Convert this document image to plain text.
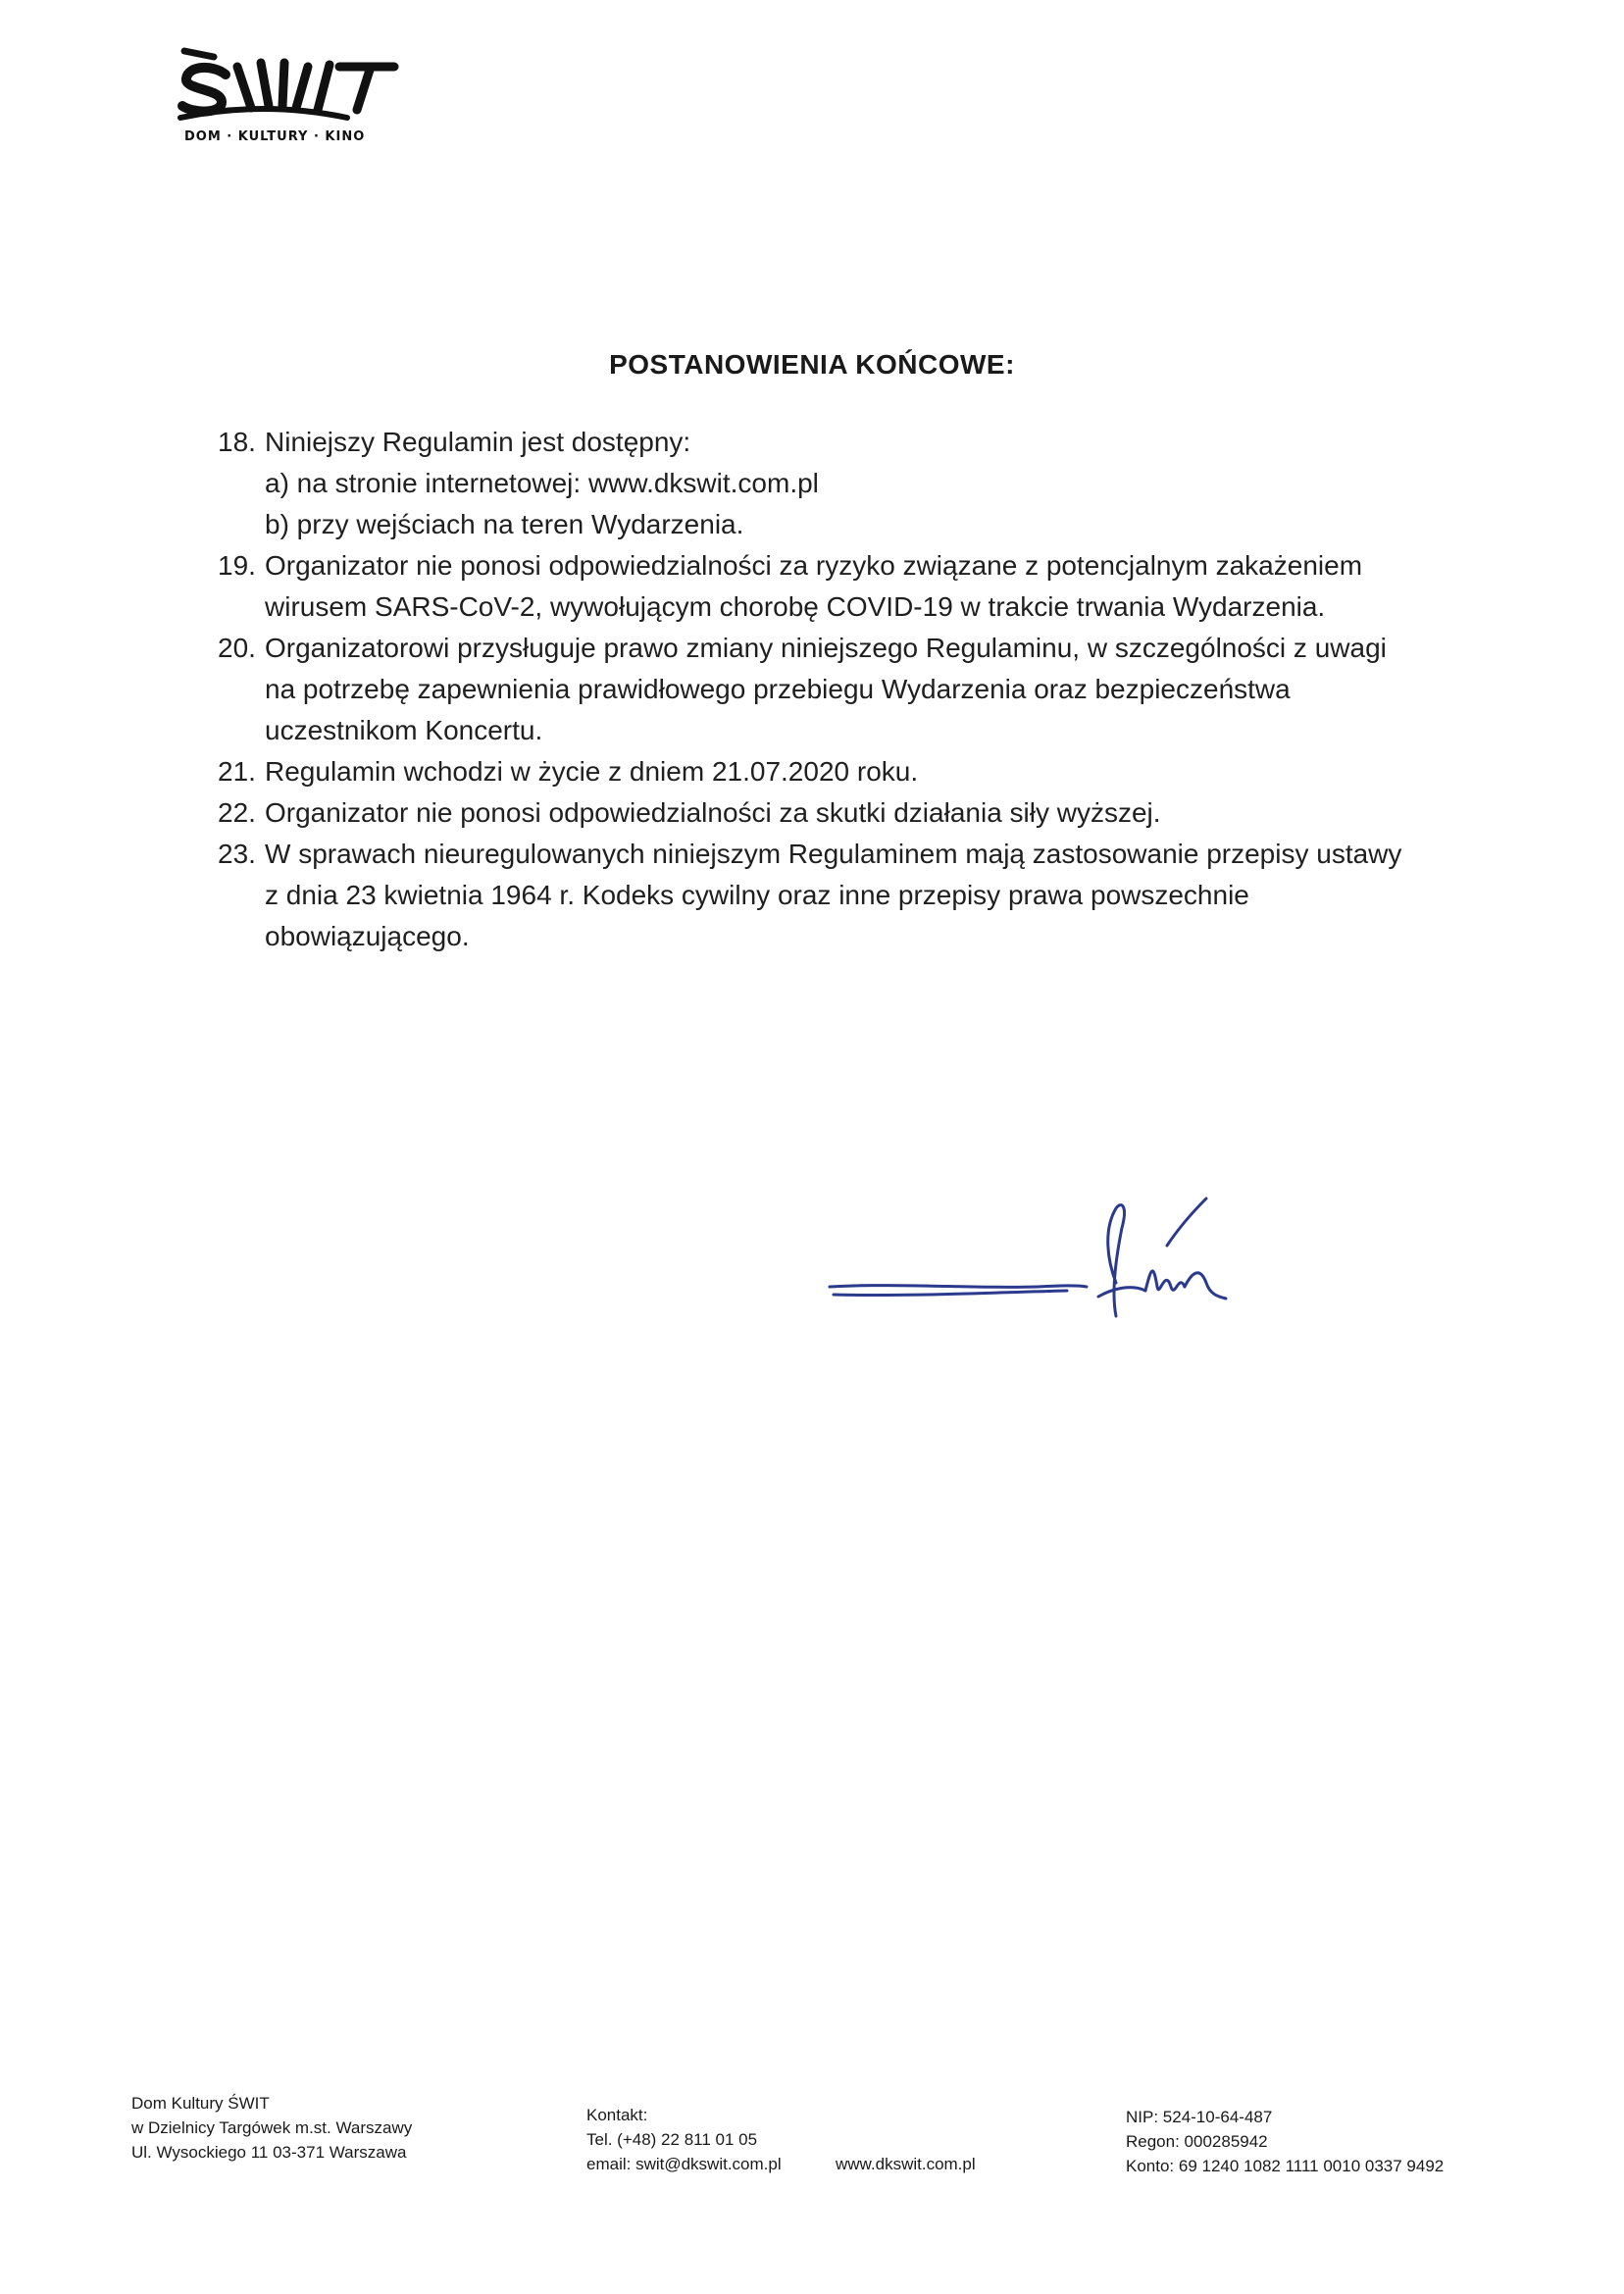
DOM · KULTURY · KINO
POSTANOWIENIA KOŃCOWE:
18. Niniejszy Regulamin jest dostępny:
a) na stronie internetowej: www.dkswit.com.pl
b) przy wejściach na teren Wydarzenia.
19. Organizator nie ponosi odpowiedzialności za ryzyko związane z potencjalnym zakażeniem wirusem SARS-CoV-2, wywołującym chorobę COVID-19 w trakcie trwania Wydarzenia.
20. Organizatorowi przysługuje prawo zmiany niniejszego Regulaminu, w szczególności z uwagi na potrzebę zapewnienia prawidłowego przebiegu Wydarzenia oraz bezpieczeństwa uczestnikom Koncertu.
21. Regulamin wchodzi w życie z dniem 21.07.2020 roku.
22. Organizator nie ponosi odpowiedzialności za skutki działania siły wyższej.
23. W sprawach nieuregulowanych niniejszym Regulaminem mają zastosowanie przepisy ustawy z dnia 23 kwietnia 1964 r. Kodeks cywilny oraz inne przepisy prawa powszechnie obowiązującego.
Dom Kultury ŚWIT
w Dzielnicy Targówek m.st. Warszawy
Ul. Wysockiego 11 03-371 Warszawa
Kontakt:
Tel. (+48) 22 811 01 05
email: swit@dkswit.com.pl	www.dkswit.com.pl
NIP: 524-10-64-487
Regon: 000285942
Konto: 69 1240 1082 1111 0010 0337 9492
